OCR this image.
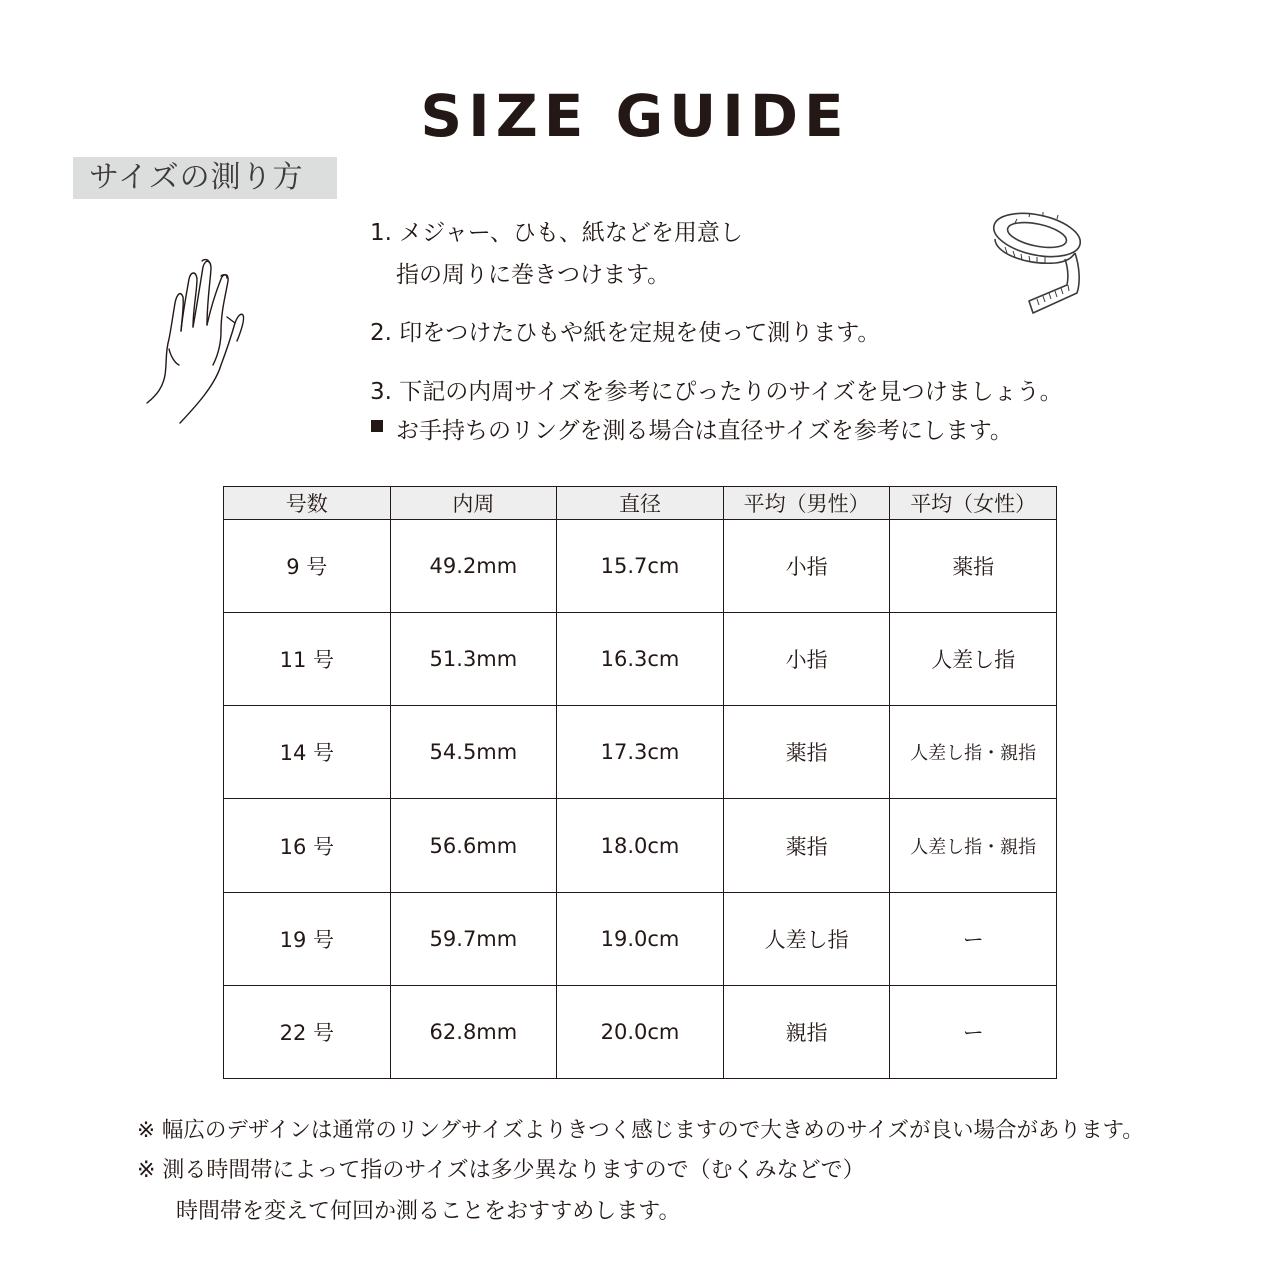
SIZE GUIDE
サイズの測り方
1. メジャー、ひも、紙などを用意し
指の周りに巻きつけます。
2. 印をつけたひもや紙を定規を使って測ります。
3. 下記の内周サイズを参考にぴったりのサイズを見つけましょう。
お手持ちのリングを測る場合は直径サイズを参考にします。
号数	内周	直径	平均（男性）	平均（女性）
9 号	49.2mm	15.7cm	小指	薬指
11 号	51.3mm	16.3cm	小指	人差し指
14 号	54.5mm	17.3cm	薬指	人差し指・親指
16 号	56.6mm	18.0cm	薬指	人差し指・親指
19 号	59.7mm	19.0cm	人差し指	ー
22 号	62.8mm	20.0cm	親指	ー
※ 幅広のデザインは通常のリングサイズよりきつく感じますので大きめのサイズが良い場合があります。
※ 測る時間帯によって指のサイズは多少異なりますので（むくみなどで）
時間帯を変えて何回か測ることをおすすめします。
